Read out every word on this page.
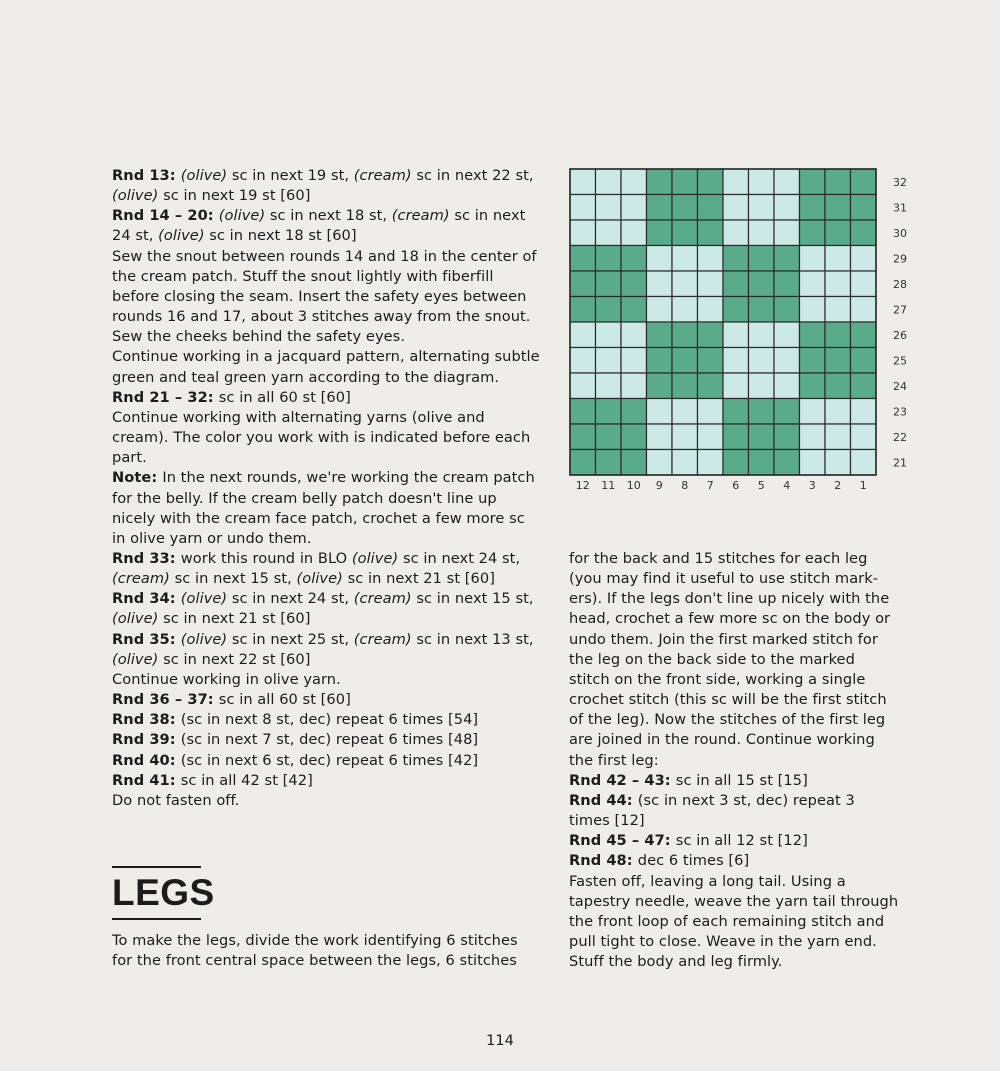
Rnd 13: (olive) sc in next 19 st, (cream) sc in next 22 st, (olive) sc in next 19 st [60]

Rnd 14 – 20: (olive) sc in next 18 st, (cream) sc in next 24 st, (olive) sc in next 18 st [60]

Sew the snout between rounds 14 and 18 in the center of the cream patch. Stuff the snout lightly with fiberfill before closing the seam. Insert the safety eyes between rounds 16 and 17, about 3 stitches away from the snout. Sew the cheeks behind the safety eyes.

Continue working in a jacquard pattern, alternating subtle green and teal green yarn according to the diagram.

Rnd 21 – 32: sc in all 60 st [60]

Continue working with alternating yarns (olive and cream). The color you work with is indicated before each part.

Note: In the next rounds, we're working the cream patch for the belly. If the cream belly patch doesn't line up nicely with the cream face patch, crochet a few more sc in olive yarn or undo them.

Rnd 33: work this round in BLO (olive) sc in next 24 st, (cream) sc in next 15 st, (olive) sc in next 21 st [60]

Rnd 34: (olive) sc in next 24 st, (cream) sc in next 15 st, (olive) sc in next 21 st [60]

Rnd 35: (olive) sc in next 25 st, (cream) sc in next 13 st, (olive) sc in next 22 st [60]

Continue working in olive yarn.

Rnd 36 – 37: sc in all 60 st [60]

Rnd 38: (sc in next 8 st, dec) repeat 6 times [54]

Rnd 39: (sc in next 7 st, dec) repeat 6 times [48]

Rnd 40: (sc in next 6 st, dec) repeat 6 times [42]

Rnd 41: sc in all 42 st [42]

Do not fasten off.

LEGS

To make the legs, divide the work identifying 6 stitches for the front central space between the legs, 6 stitches

for the back and 15 stitches for each leg (you may find it useful to use stitch mark-ers). If the legs don't line up nicely with the head, crochet a few more sc on the body or undo them. Join the first marked stitch for the leg on the back side to the marked stitch on the front side, working a single crochet stitch (this sc will be the first stitch of the leg). Now the stitches of the first leg are joined in the round. Continue working the first leg:

Rnd 42 – 43: sc in all 15 st [15]

Rnd 44: (sc in next 3 st, dec) repeat 3 times [12]

Rnd 45 – 47: sc in all 12 st [12]

Rnd 48: dec 6 times [6]

Fasten off, leaving a long tail. Using a tapestry needle, weave the yarn tail through the front loop of each remaining stitch and pull tight to close. Weave in the yarn end. Stuff the body and leg firmly.

32
31
30
29
28
27
26
25
24
23
22
21
12 11 10 9 8 7 6 5 4 3 2 1
114
